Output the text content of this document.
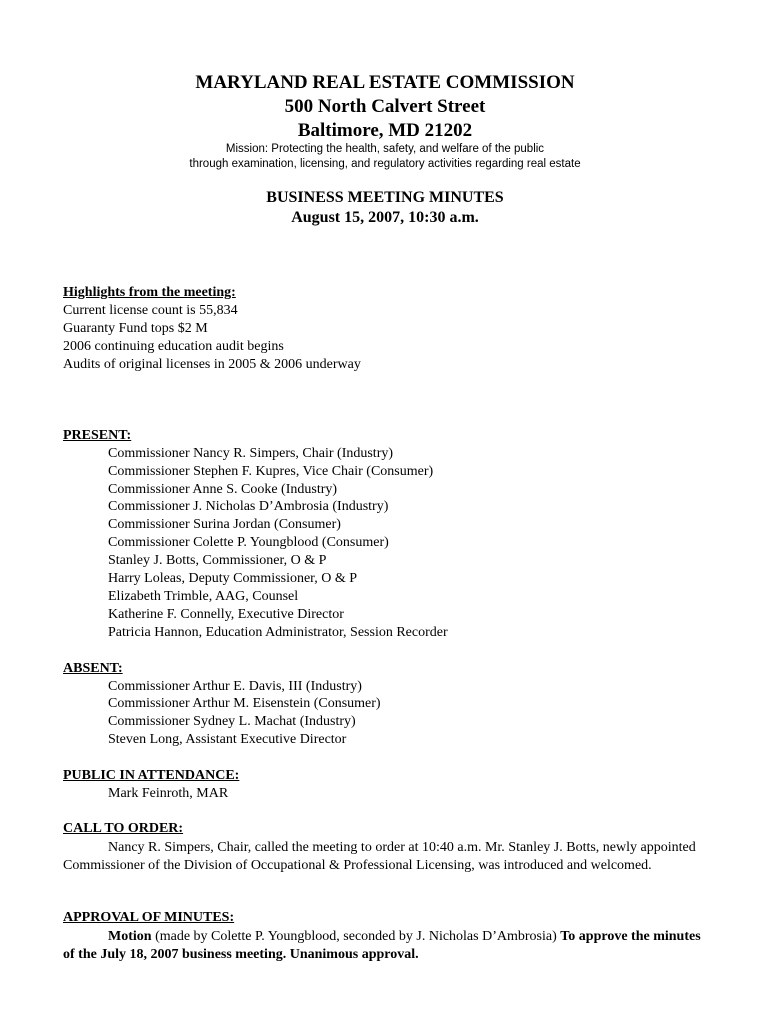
MARYLAND REAL ESTATE COMMISSION
500 North Calvert Street
Baltimore, MD 21202
Mission: Protecting the health, safety, and welfare of the public
through examination, licensing, and regulatory activities regarding real estate
BUSINESS MEETING MINUTES
August 15, 2007, 10:30 a.m.
Highlights from the meeting:
Current license count is 55,834
Guaranty Fund tops $2 M
2006 continuing education audit begins
Audits of original licenses in 2005 & 2006 underway
PRESENT:
Commissioner Nancy R. Simpers, Chair (Industry)
Commissioner Stephen F. Kupres, Vice Chair (Consumer)
Commissioner Anne S. Cooke (Industry)
Commissioner J. Nicholas D’Ambrosia (Industry)
Commissioner Surina Jordan (Consumer)
Commissioner Colette P. Youngblood (Consumer)
Stanley J. Botts, Commissioner, O & P
Harry Loleas, Deputy Commissioner, O & P
Elizabeth Trimble, AAG, Counsel
Katherine F. Connelly, Executive Director
Patricia Hannon, Education Administrator, Session Recorder
ABSENT:
Commissioner Arthur E. Davis, III (Industry)
Commissioner Arthur M. Eisenstein (Consumer)
Commissioner Sydney L. Machat (Industry)
Steven Long, Assistant Executive Director
PUBLIC IN ATTENDANCE:
Mark Feinroth, MAR
CALL TO ORDER:
Nancy R. Simpers, Chair, called the meeting to order at 10:40 a.m. Mr. Stanley J. Botts, newly appointed Commissioner of the Division of Occupational & Professional Licensing, was introduced and welcomed.
APPROVAL OF MINUTES:
Motion (made by Colette P. Youngblood, seconded by J. Nicholas D’Ambrosia) To approve the minutes of the July 18, 2007 business meeting. Unanimous approval.
